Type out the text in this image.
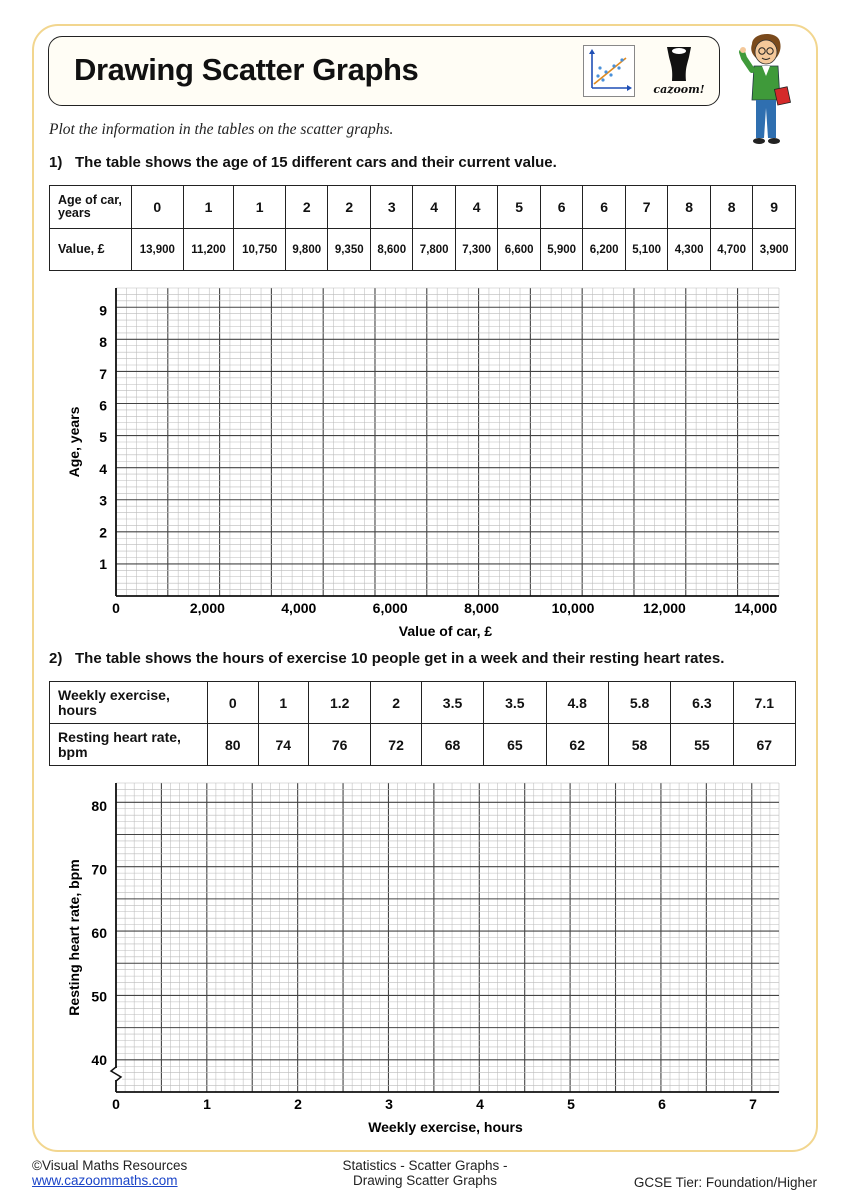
Drawing Scatter Graphs
cazoom!
Plot the information in the tables on the scatter graphs.
1) The table shows the age of 15 different cars and their current value.
Age of car, years	0	1	1	2	2	3	4	4	5	6	6	7	8	8	9
Value, £	13,900	11,200	10,750	9,800	9,350	8,600	7,800	7,300	6,600	5,900	6,200	5,100	4,300	4,700	3,900
0	2,000	4,000	6,000	8,000	10,000	12,000	14,000
1
2
3
4
5
6
7
8
9
Value of car, £
Age, years
2) The table shows the hours of exercise 10 people get in a week and their resting heart rates.
Weekly exercise, hours	0	1	1.2	2	3.5	3.5	4.8	5.8	6.3	7.1
Resting heart rate, bpm	80	74	76	72	68	65	62	58	55	67
0	1	2	3	4	5	6	7
40
50
60
70
80
Weekly exercise, hours
Resting heart rate, bpm
©Visual Maths Resources
www.cazoommaths.com
Statistics - Scatter Graphs -
Drawing Scatter Graphs	GCSE Tier: Foundation/Higher
